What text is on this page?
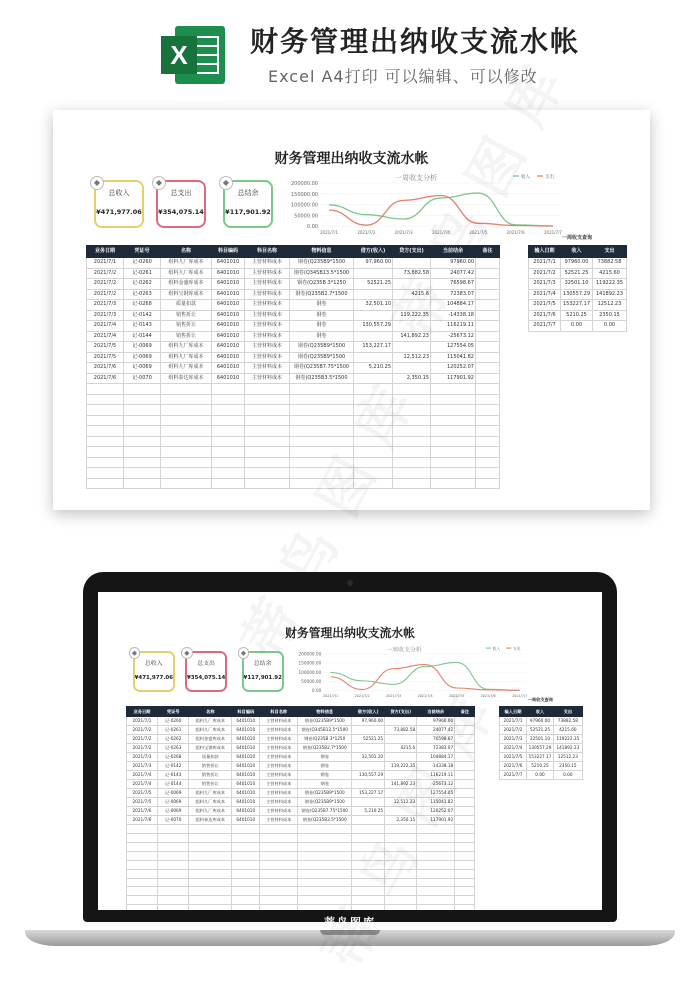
X	财务管理出纳收支流水帐
Excel A4打印 可以编辑、可以修改
财务管理出纳收支流水帐
◆
总收入
¥471,977.06
◆
总支出
¥354,075.14
◆
总结余
¥117,901.92
一周收支分析
200000.00
150000.00
100000.00
50000.00
0.00
2021/7/1	2021/7/2	2021/7/3	2021/7/4	2021/7/5	2021/7/6	2021/7/7
收入	支出
业务日期	凭证号	名称	科目编码	科目名称	物料信息	借方(收入)	贷方(支出)	当前结余	备注
2021/7/1	记-0260	组料九厂库成本	6401010	主营材料成本	钢卷(Q235B9*1500	97,960.00		97960.00	
2021/7/2	记-0261	组料九厂库成本	6401010	主营材料成本	钢卷(Q345B13.5*1500		73,882.58	24077.42	
2021/7/2	记-0262	组料金盛库成本	6401010	主营材料成本	钢卷(Q235B 3*1250	52521.25		76598.67	
2021/7/2	记-0263	组料宝钢库成本	6401010	主营材料成本	钢卷(Q235B2.7*1500		4215.6	72383.07	
2021/7/3	记-0268	质量扣款	6401010	主营材料成本	钢卷	32,501.10		104884.17	
2021/7/3	记-0142	销售折让	6401010	主营材料成本	钢卷		119,222.35	-14338.18	
2021/7/4	记-0143	销售折让	6401010	主营材料成本	钢卷	130,557.29		116219.11	
2021/7/4	记-0144	销售折让	6401010	主营材料成本	钢卷		141,892.23	-25673.12	
2021/7/5	记-0069	组料九厂库成本	6401010	主营材料成本	钢卷(Q235B9*1500	153,227.17		127554.05	
2021/7/5	记-0069	组料九厂库成本	6401010	主营材料成本	钢卷(Q235B9*1500		12,512.23	115041.82	
2021/7/6	记-0069	组料九厂库成本	6401010	主营材料成本	钢卷(Q235B7.75*1500	5,210.25		120252.07	
2021/7/6	记-0070	组料泰达库成本	6401010	主营材料成本	钢卷(Q235B3.5*1500		2,350.15	117901.92	

一周收支查询
输入日期	收入	支出
2021/7/1	97960.00	73882.58
2021/7/2	52521.25	4215.60
2021/7/3	32501.10	119222.35
2021/7/4	130557.29	141892.23
2021/7/5	153227.17	12512.23
2021/7/6	5210.25	2350.15
2021/7/7	0.00	0.00
财务管理出纳收支流水帐
◆
总收入
¥471,977.06
◆
总支出
¥354,075.14
◆
总结余
¥117,901.92
一周收支分析
200000.00
150000.00
100000.00
50000.00
0.00
2021/7/1	2021/7/2	2021/7/3	2021/7/4	2021/7/5	2021/7/6	2021/7/7
收入	支出
业务日期	凭证号	名称	科目编码	科目名称	物料信息	借方(收入)	贷方(支出)	当前结余	备注
2021/7/1	记-0260	组料九厂库成本	6401010	主营材料成本	钢卷(Q235B9*1500	97,960.00		97960.00	
2021/7/2	记-0261	组料九厂库成本	6401010	主营材料成本	钢卷(Q345B13.5*1500		73,882.58	24077.42	
2021/7/2	记-0262	组料金盛库成本	6401010	主营材料成本	钢卷(Q235B 3*1250	52521.25		76598.67	
2021/7/2	记-0263	组料宝钢库成本	6401010	主营材料成本	钢卷(Q235B2.7*1500		4215.6	72383.07	
2021/7/3	记-0268	质量扣款	6401010	主营材料成本	钢卷	32,501.10		104884.17	
2021/7/3	记-0142	销售折让	6401010	主营材料成本	钢卷		119,222.35	-14338.18	
2021/7/4	记-0143	销售折让	6401010	主营材料成本	钢卷	130,557.29		116219.11	
2021/7/4	记-0144	销售折让	6401010	主营材料成本	钢卷		141,892.23	-25673.12	
2021/7/5	记-0069	组料九厂库成本	6401010	主营材料成本	钢卷(Q235B9*1500	153,227.17		127554.05	
2021/7/5	记-0069	组料九厂库成本	6401010	主营材料成本	钢卷(Q235B9*1500		12,512.23	115041.82	
2021/7/6	记-0069	组料九厂库成本	6401010	主营材料成本	钢卷(Q235B7.75*1500	5,210.25		120252.07	
2021/7/6	记-0070	组料泰达库成本	6401010	主营材料成本	钢卷(Q235B3.5*1500		2,350.15	117901.92	

一周收支查询
输入日期	收入	支出
2021/7/1	97960.00	73882.58
2021/7/2	52521.25	4215.60
2021/7/3	32501.10	119222.35
2021/7/4	130557.29	141892.23
2021/7/5	153227.17	12512.23
2021/7/6	5210.25	2350.15
2021/7/7	0.00	0.00
蒂鸟图库
